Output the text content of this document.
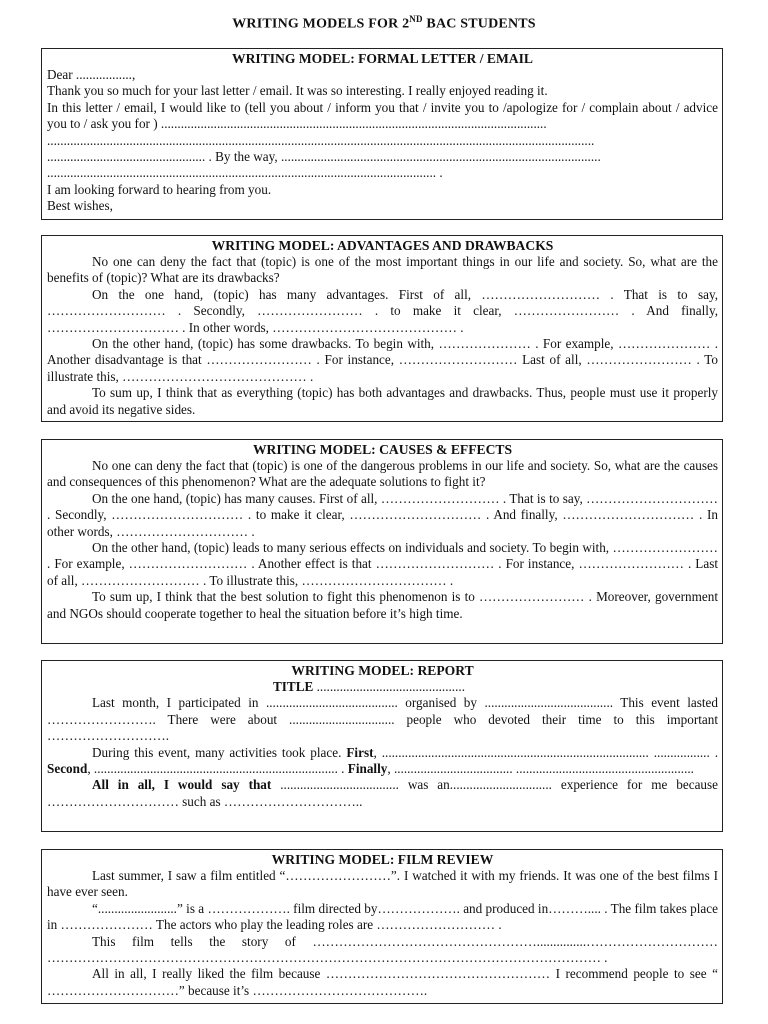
WRITING MODELS FOR 2ND BAC STUDENTS
WRITING MODEL: FORMAL LETTER / EMAIL
Dear .................,
Thank you so much for your last letter / email. It was so interesting. I really enjoyed reading it.
In this letter / email, I would like to (tell you about / inform you that / invite you to /apologize for / complain about / advice you to / ask you for ) .....................................................................................................................
......................................................................................................................................................................
................................................ . By the way, .................................................................................................
...................................................................................................................... .
I am looking forward to hearing from you.
Best wishes,
WRITING MODEL: ADVANTAGES AND DRAWBACKS
No one can deny the fact that (topic) is one of the most important things in our life and society. So, what are the benefits of (topic)? What are its drawbacks?
On the one hand, (topic) has many advantages. First of all, ……………………… . That is to say, ……………………… . Secondly, …………………… . to make it clear, …………………… . And finally, ………………………… . In other words, …………………………………… .
On the other hand, (topic) has some drawbacks. To begin with, ………………… . For example, ………………… . Another disadvantage is that …………………… . For instance, ……………………… Last of all, …………………… . To illustrate this, …………………………………… .
To sum up, I think that as everything (topic) has both advantages and drawbacks. Thus, people must use it properly and avoid its negative sides.
WRITING MODEL: CAUSES & EFFECTS
No one can deny the fact that (topic) is one of the dangerous problems in our life and society. So, what are the causes and consequences of this phenomenon? What are the adequate solutions to fight it?
On the one hand, (topic) has many causes. First of all, ……………………… . That is to say, ………………………… . Secondly, ………………………… . to make it clear, ………………………… . And finally, ………………………… . In other words, ………………………… .
On the other hand, (topic) leads to many serious effects on individuals and society. To begin with, …………………… . For example, ……………………… . Another effect is that ……………………… . For instance, …………………… . Last of all, ……………………… . To illustrate this, …………………………… .
To sum up, I think that the best solution to fight this phenomenon is to …………………… . Moreover, government and NGOs should cooperate together to heal the situation before it’s high time.
WRITING MODEL: REPORT
TITLE .............................................
Last month, I participated in ........................................ organised by ....................................... This event lasted ……………………. There were about ................................ people who devoted their time to this important ……………………….
During this event, many activities took place. First, ................................................................................. ................. . Second, .......................................................................... . Finally, .................................... ......................................................
All in all, I would say that .................................... was an............................... experience for me because ………………………… such as …………………………..
WRITING MODEL: FILM REVIEW
Last summer, I saw a film entitled “……………………”. I watched it with my friends. It was one of the best films I have ever seen.
“........................” is a ………………. film directed by………………. and produced in……….... . The film takes place in ………………… The actors who play the leading roles are ……………………… .
This film tells the story of ……………………………………………...............………………………… ……………………………………………………………………………………………………………… .
All in all, I really liked the film because …………………………………………… I recommend people to see “ …………………………” because it’s ………………………………….
